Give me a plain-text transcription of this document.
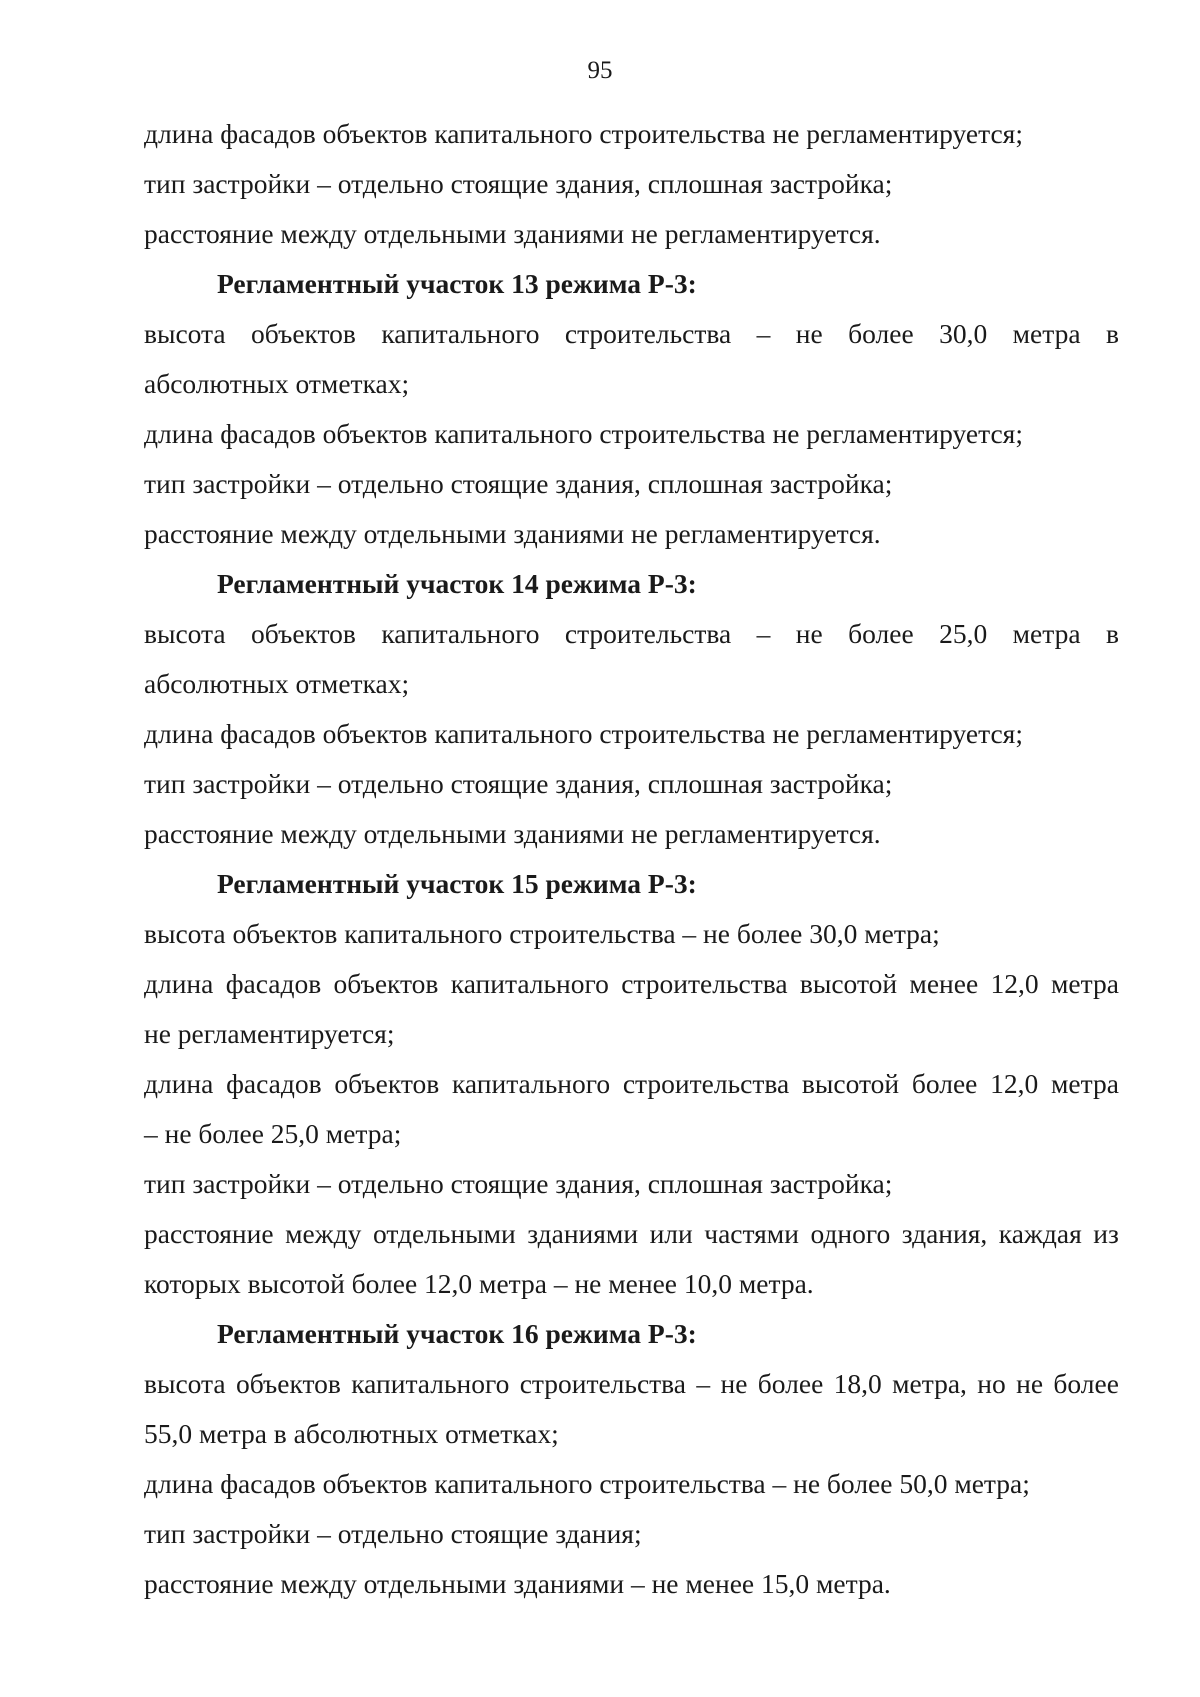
95

длина фасадов объектов капитального строительства не регламентируется;

тип застройки – отдельно стоящие здания, сплошная застройка;

расстояние между отдельными зданиями не регламентируется.

Регламентный участок 13 режима Р-3:
высота объектов капитального строительства – не более 30,0 метра в

абсолютных отметках;

длина фасадов объектов капитального строительства не регламентируется;

тип застройки – отдельно стоящие здания, сплошная застройка;

расстояние между отдельными зданиями не регламентируется.

Регламентный участок 14 режима Р-3:
высота объектов капитального строительства – не более 25,0 метра в

абсолютных отметках;

длина фасадов объектов капитального строительства не регламентируется;

тип застройки – отдельно стоящие здания, сплошная застройка;

расстояние между отдельными зданиями не регламентируется.

Регламентный участок 15 режима Р-3:

высота объектов капитального строительства – не более 30,0 метра;

длина фасадов объектов капитального строительства высотой менее 12,0 метра

не регламентируется;

длина фасадов объектов капитального строительства высотой более 12,0 метра

– не более 25,0 метра;

тип застройки – отдельно стоящие здания, сплошная застройка;

расстояние между отдельными зданиями или частями одного здания, каждая из

которых высотой более 12,0 метра – не менее 10,0 метра.

Регламентный участок 16 режима Р-3:
высота объектов капитального строительства – не более 18,0 метра, но не более

55,0 метра в абсолютных отметках;

длина фасадов объектов капитального строительства – не более 50,0 метра;

тип застройки – отдельно стоящие здания;

расстояние между отдельными зданиями – не менее 15,0 метра.
